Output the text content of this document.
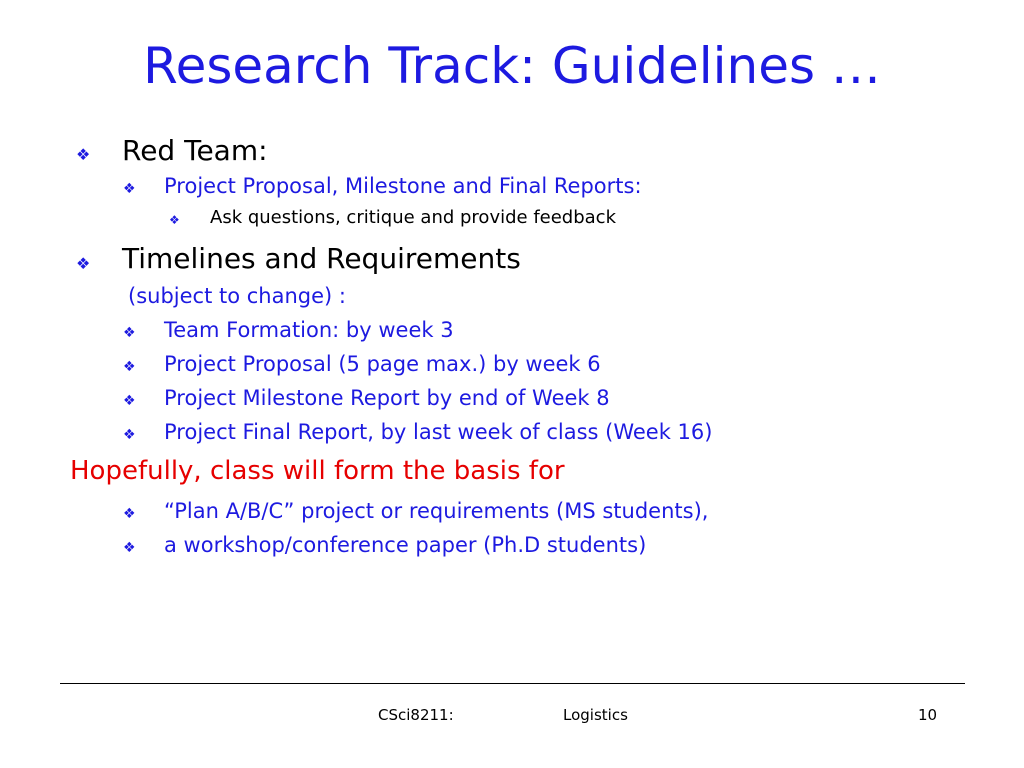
Research Track: Guidelines …
❖ Red Team:
❖ Project Proposal, Milestone and Final Reports:
❖ Ask questions, critique and provide feedback
❖ Timelines and Requirements
(subject to change) :
❖ Team Formation: by week 3
❖ Project Proposal (5 page max.) by week 6
❖ Project Milestone Report by end of Week 8
❖ Project Final Report, by last week of class (Week 16)
Hopefully, class will form the basis for
❖ “Plan A/B/C” project or requirements (MS students),
❖ a workshop/conference paper (Ph.D students)
CSci8211:	Logistics	10
